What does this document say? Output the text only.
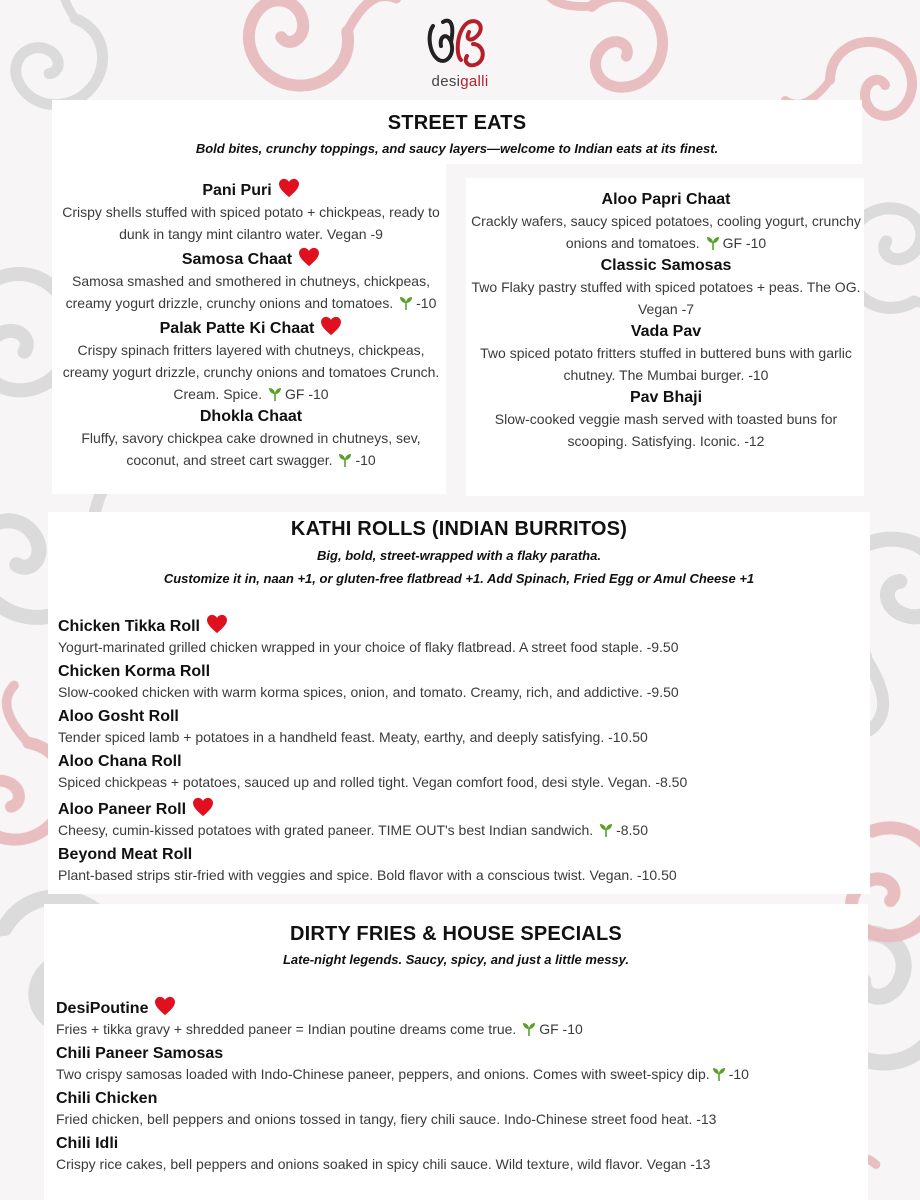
desigalli
STREET EATS
Bold bites, crunchy toppings, and saucy layers—welcome to Indian eats at its finest.
Pani Puri
Crispy shells stuffed with spiced potato + chickpeas, ready to dunk in tangy mint cilantro water. Vegan -9
Samosa Chaat
Samosa smashed and smothered in chutneys, chickpeas, creamy yogurt drizzle, crunchy onions and tomatoes. -10
Palak Patte Ki Chaat
Crispy spinach fritters layered with chutneys, chickpeas, creamy yogurt drizzle, crunchy onions and tomatoes Crunch. Cream. Spice. GF -10
Dhokla Chaat
Fluffy, savory chickpea cake drowned in chutneys, sev, coconut, and street cart swagger. -10
Aloo Papri Chaat
Crackly wafers, saucy spiced potatoes, cooling yogurt, crunchy onions and tomatoes. GF -10
Classic Samosas
Two Flaky pastry stuffed with spiced potatoes + peas. The OG. Vegan -7
Vada Pav
Two spiced potato fritters stuffed in buttered buns with garlic chutney. The Mumbai burger. -10
Pav Bhaji
Slow-cooked veggie mash served with toasted buns for scooping. Satisfying. Iconic. -12
KATHI ROLLS (INDIAN BURRITOS)
Big, bold, street-wrapped with a flaky paratha.
Customize it in, naan +1, or gluten-free flatbread +1. Add Spinach, Fried Egg or Amul Cheese +1
Chicken Tikka Roll
Yogurt-marinated grilled chicken wrapped in your choice of flaky flatbread. A street food staple. -9.50
Chicken Korma Roll
Slow-cooked chicken with warm korma spices, onion, and tomato. Creamy, rich, and addictive. -9.50
Aloo Gosht Roll
Tender spiced lamb + potatoes in a handheld feast. Meaty, earthy, and deeply satisfying. -10.50
Aloo Chana Roll
Spiced chickpeas + potatoes, sauced up and rolled tight. Vegan comfort food, desi style. Vegan. -8.50
Aloo Paneer Roll
Cheesy, cumin-kissed potatoes with grated paneer. TIME OUT's best Indian sandwich. -8.50
Beyond Meat Roll
Plant-based strips stir-fried with veggies and spice. Bold flavor with a conscious twist. Vegan. -10.50
DIRTY FRIES & HOUSE SPECIALS
Late-night legends. Saucy, spicy, and just a little messy.
DesiPoutine
Fries + tikka gravy + shredded paneer = Indian poutine dreams come true. GF -10
Chili Paneer Samosas
Two crispy samosas loaded with Indo-Chinese paneer, peppers, and onions. Comes with sweet-spicy dip. -10
Chili Chicken
Fried chicken, bell peppers and onions tossed in tangy, fiery chili sauce. Indo-Chinese street food heat. -13
Chili Idli
Crispy rice cakes, bell peppers and onions soaked in spicy chili sauce. Wild texture, wild flavor. Vegan -13
